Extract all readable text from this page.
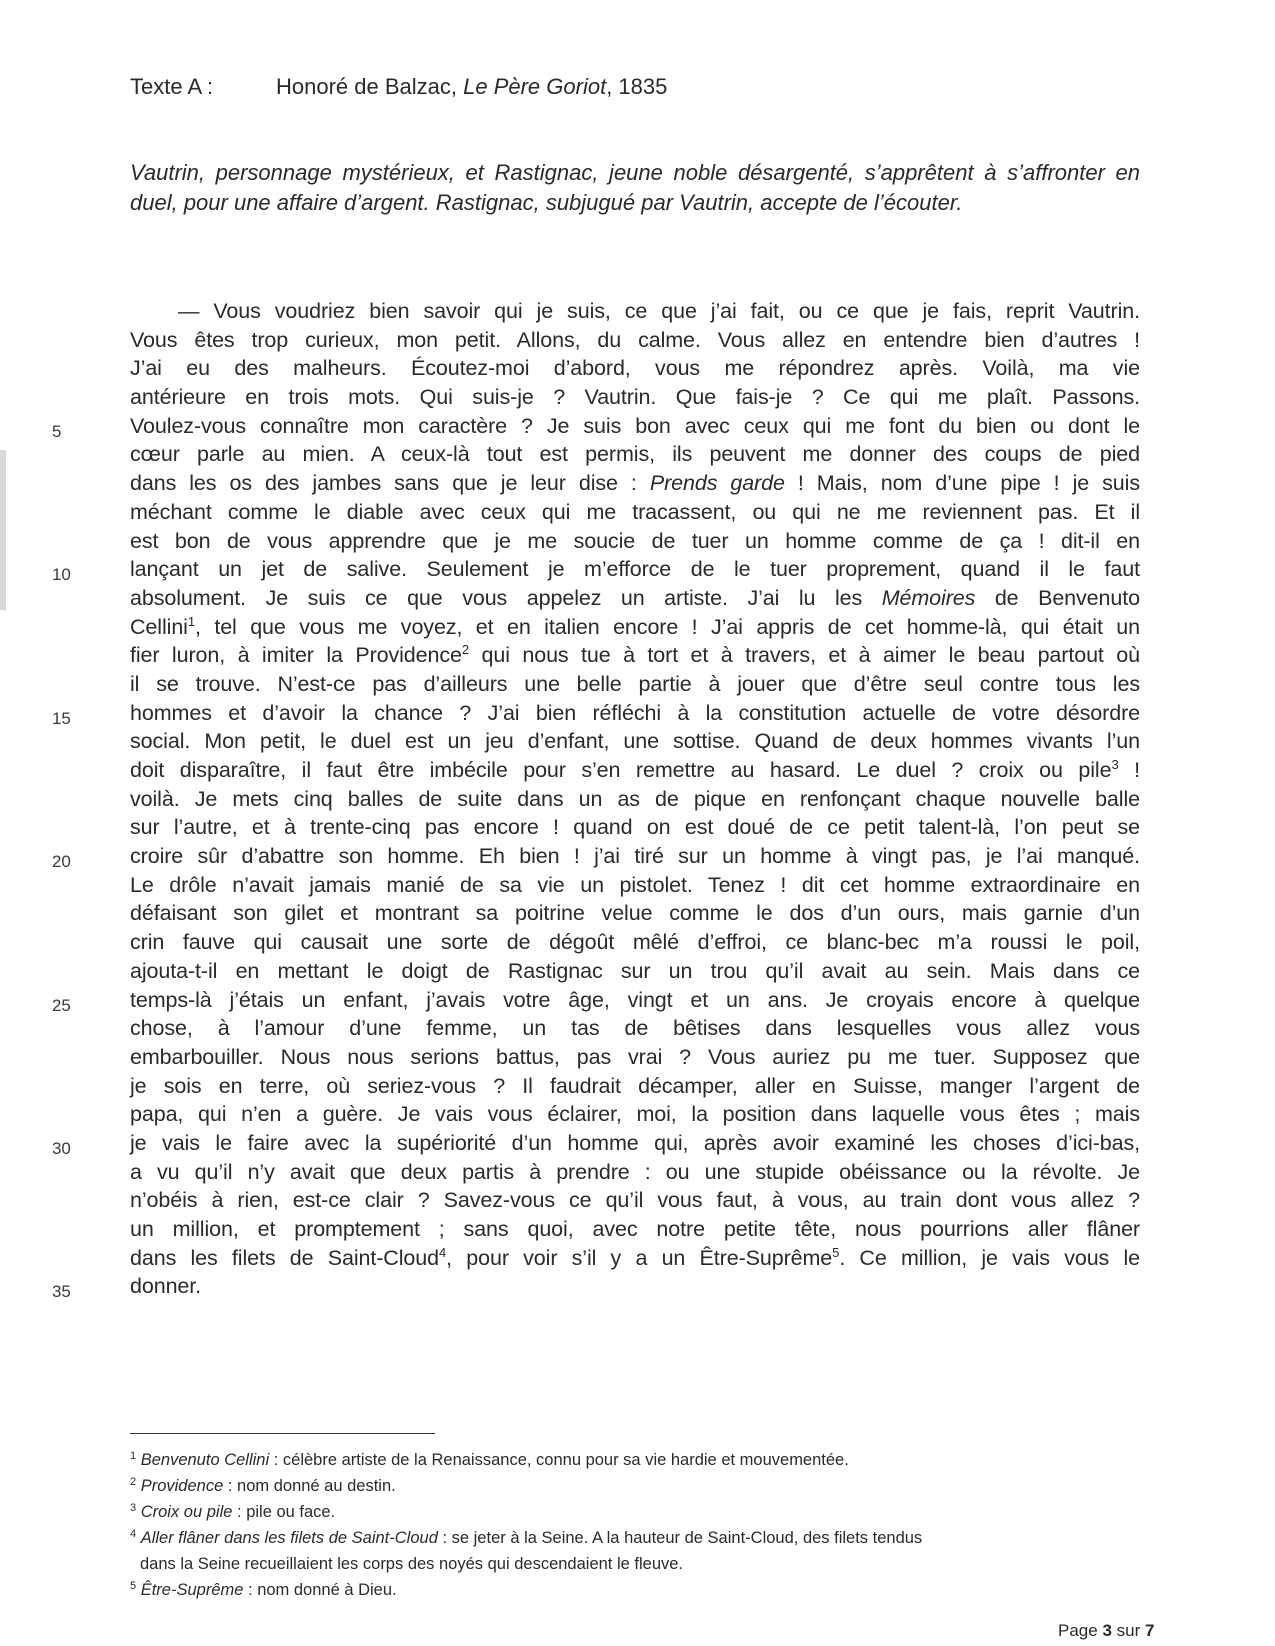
Texte A :	Honoré de Balzac, Le Père Goriot, 1835
Vautrin, personnage mystérieux, et Rastignac, jeune noble désargenté, s’apprêtent à s’affronter en duel, pour une affaire d’argent. Rastignac, subjugué par Vautrin, accepte de l’écouter.
— Vous voudriez bien savoir qui je suis, ce que j’ai fait, ou ce que je fais, reprit Vautrin.
Vous êtes trop curieux, mon petit. Allons, du calme. Vous allez en entendre bien d’autres !
J’ai eu des malheurs. Écoutez-moi d’abord, vous me répondrez après. Voilà, ma vie
antérieure en trois mots. Qui suis-je ? Vautrin. Que fais-je ? Ce qui me plaît. Passons.
5	Voulez-vous connaître mon caractère ? Je suis bon avec ceux qui me font du bien ou dont le
cœur parle au mien. A ceux-là tout est permis, ils peuvent me donner des coups de pied
dans les os des jambes sans que je leur dise : Prends garde ! Mais, nom d’une pipe ! je suis
méchant comme le diable avec ceux qui me tracassent, ou qui ne me reviennent pas. Et il
est bon de vous apprendre que je me soucie de tuer un homme comme de ça ! dit-il en
10	lançant un jet de salive. Seulement je m’efforce de le tuer proprement, quand il le faut
absolument. Je suis ce que vous appelez un artiste. J’ai lu les Mémoires de Benvenuto
Cellini$^1$, tel que vous me voyez, et en italien encore ! J’ai appris de cet homme-là, qui était un
fier luron, à imiter la Providence$^2$ qui nous tue à tort et à travers, et à aimer le beau partout où
il se trouve. N’est-ce pas d’ailleurs une belle partie à jouer que d’être seul contre tous les
15	hommes et d’avoir la chance ? J’ai bien réfléchi à la constitution actuelle de votre désordre
social. Mon petit, le duel est un jeu d’enfant, une sottise. Quand de deux hommes vivants l’un
doit disparaître, il faut être imbécile pour s’en remettre au hasard. Le duel ? croix ou pile$^3$ !
voilà. Je mets cinq balles de suite dans un as de pique en renfonçant chaque nouvelle balle
sur l’autre, et à trente-cinq pas encore ! quand on est doué de ce petit talent-là, l’on peut se
20	croire sûr d’abattre son homme. Eh bien ! j’ai tiré sur un homme à vingt pas, je l’ai manqué.
Le drôle n’avait jamais manié de sa vie un pistolet. Tenez ! dit cet homme extraordinaire en
défaisant son gilet et montrant sa poitrine velue comme le dos d’un ours, mais garnie d’un
crin fauve qui causait une sorte de dégoût mêlé d’effroi, ce blanc-bec m’a roussi le poil,
ajouta-t-il en mettant le doigt de Rastignac sur un trou qu’il avait au sein. Mais dans ce
25	temps-là j’étais un enfant, j’avais votre âge, vingt et un ans. Je croyais encore à quelque
chose, à l’amour d’une femme, un tas de bêtises dans lesquelles vous allez vous
embarbouiller. Nous nous serions battus, pas vrai ? Vous auriez pu me tuer. Supposez que
je sois en terre, où seriez-vous ? Il faudrait décamper, aller en Suisse, manger l’argent de
papa, qui n’en a guère. Je vais vous éclairer, moi, la position dans laquelle vous êtes ; mais
30	je vais le faire avec la supériorité d’un homme qui, après avoir examiné les choses d’ici-bas,
a vu qu’il n’y avait que deux partis à prendre : ou une stupide obéissance ou la révolte. Je
n’obéis à rien, est-ce clair ? Savez-vous ce qu’il vous faut, à vous, au train dont vous allez ?
un million, et promptement ; sans quoi, avec notre petite tête, nous pourrions aller flâner
dans les filets de Saint-Cloud$^4$, pour voir s’il y a un Être-Suprême$^5$. Ce million, je vais vous le
35	donner.
$^1$ Benvenuto Cellini : célèbre artiste de la Renaissance, connu pour sa vie hardie et mouvementée.
$^2$ Providence : nom donné au destin.
$^3$ Croix ou pile : pile ou face.
$^4$ Aller flâner dans les filets de Saint-Cloud : se jeter à la Seine. A la hauteur de Saint-Cloud, des filets tendus
dans la Seine recueillaient les corps des noyés qui descendaient le fleuve.
$^5$ Être-Suprême : nom donné à Dieu.
Page 3 sur 7
